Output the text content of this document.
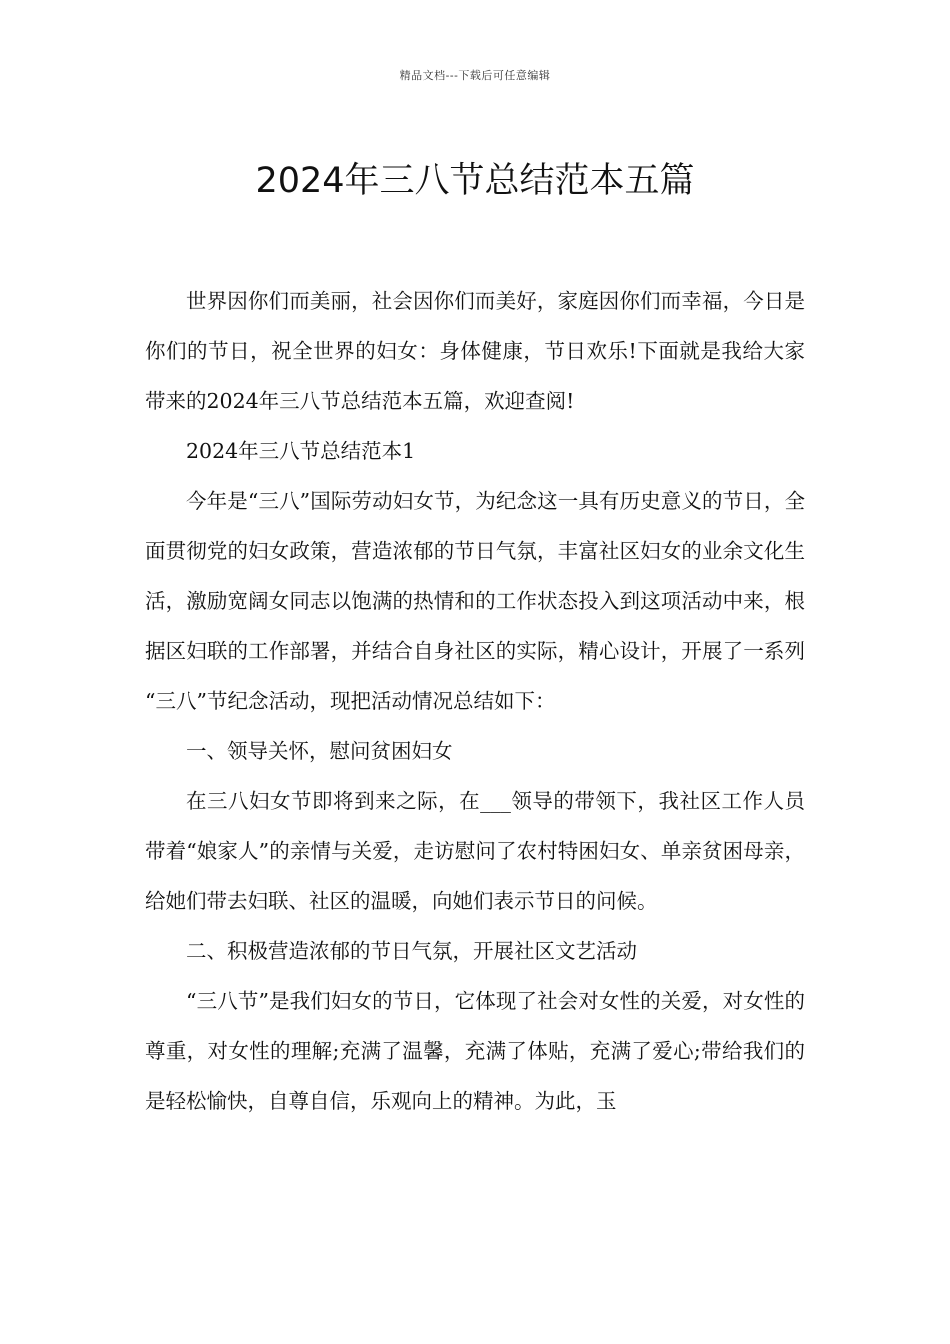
精品文档---下载后可任意编辑
2024年三八节总结范本五篇

世界因你们而美丽，社会因你们而美好，家庭因你们而幸福，今日是你们的节日，祝全世界的妇女：身体健康，节日欢乐!下面就是我给大家带来的2024年三八节总结范本五篇，欢迎查阅!

2024年三八节总结范本1

今年是“三八”国际劳动妇女节，为纪念这一具有历史意义的节日，全面贯彻党的妇女政策，营造浓郁的节日气氛，丰富社区妇女的业余文化生活，激励宽阔女同志以饱满的热情和的工作状态投入到这项活动中来，根据区妇联的工作部署，并结合自身社区的实际，精心设计，开展了一系列 “三八”节纪念活动，现把活动情况总结如下：

一、领导关怀，慰问贫困妇女

在三八妇女节即将到来之际，在___领导的带领下，我社区工作人员带着“娘家人”的亲情与关爱，走访慰问了农村特困妇女、单亲贫困母亲，给她们带去妇联、社区的温暖，向她们表示节日的问候。

二、积极营造浓郁的节日气氛，开展社区文艺活动

“三八节”是我们妇女的节日，它体现了社会对女性的关爱，对女性的尊重，对女性的理解;充满了温馨，充满了体贴，充满了爱心;带给我们的是轻松愉快，自尊自信，乐观向上的精神。为此，玉
